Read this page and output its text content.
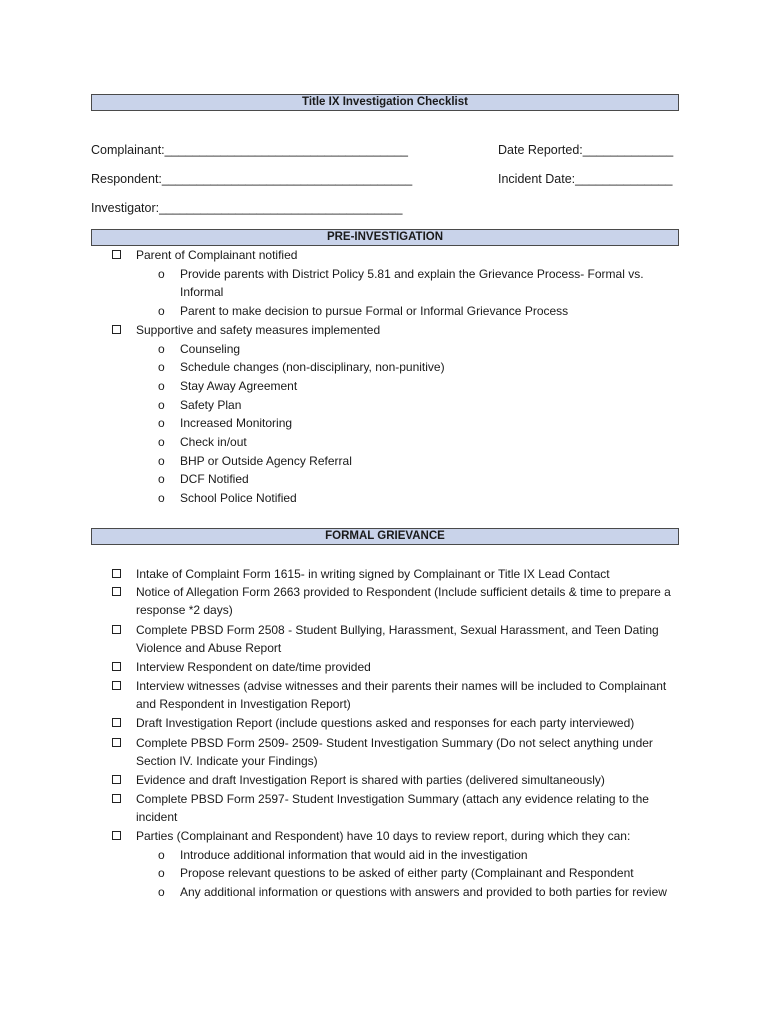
Title IX Investigation Checklist
Complainant:___________________________________	Date Reported:_____________
Respondent:____________________________________	Incident Date:______________
Investigator:___________________________________
PRE-INVESTIGATION
Parent of Complainant notified
o Provide parents with District Policy 5.81 and explain the Grievance Process- Formal vs. Informal
o Parent to make decision to pursue Formal or Informal Grievance Process
Supportive and safety measures implemented
o Counseling
o Schedule changes (non-disciplinary, non-punitive)
o Stay Away Agreement
o Safety Plan
o Increased Monitoring
o Check in/out
o BHP or Outside Agency Referral
o DCF Notified
o School Police Notified
FORMAL GRIEVANCE
Intake of Complaint Form 1615- in writing signed by Complainant or Title IX Lead Contact
Notice of Allegation Form 2663 provided to Respondent (Include sufficient details & time to prepare a response *2 days)
Complete PBSD Form 2508 - Student Bullying, Harassment, Sexual Harassment, and Teen Dating Violence and Abuse Report
Interview Respondent on date/time provided
Interview witnesses (advise witnesses and their parents their names will be included to Complainant and Respondent in Investigation Report)
Draft Investigation Report (include questions asked and responses for each party interviewed)
Complete PBSD Form 2509- 2509- Student Investigation Summary (Do not select anything under Section IV. Indicate your Findings)
Evidence and draft Investigation Report is shared with parties (delivered simultaneously)
Complete PBSD Form 2597- Student Investigation Summary (attach any evidence relating to the incident
Parties (Complainant and Respondent) have 10 days to review report, during which they can:
o Introduce additional information that would aid in the investigation
o Propose relevant questions to be asked of either party (Complainant and Respondent
o Any additional information or questions with answers and provided to both parties for review
